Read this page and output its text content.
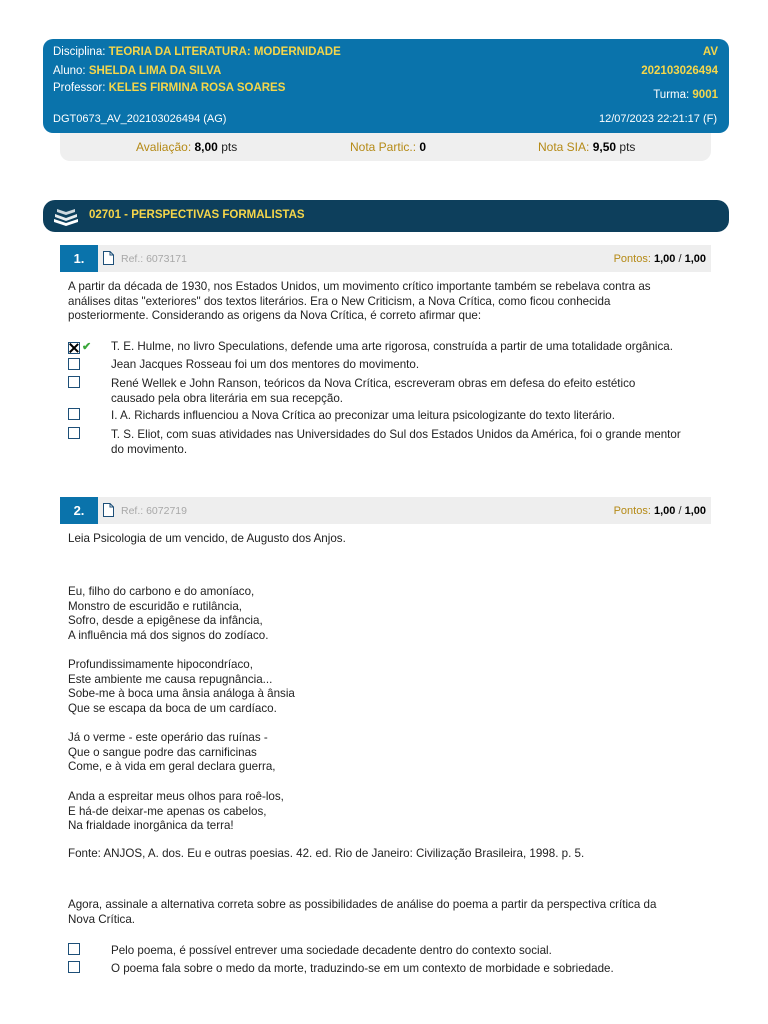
Disciplina: TEORIA DA LITERATURA: MODERNIDADE
Aluno: SHELDA LIMA DA SILVA
Professor: KELES FIRMINA ROSA SOARES
AV
202103026494
Turma: 9001
DGT0673_AV_202103026494 (AG)	12/07/2023 22:21:17 (F)
Avaliação: 8,00 pts	Nota Partic.: 0	Nota SIA: 9,50 pts
02701 - PERSPECTIVAS FORMALISTAS
1.	Ref.: 6073171	Pontos: 1,00 / 1,00
A partir da década de 1930, nos Estados Unidos, um movimento crítico importante também se rebelava contra as
análises ditas "exteriores" dos textos literários. Era o New Criticism, a Nova Crítica, como ficou conhecida
posteriormente. Considerando as origens da Nova Crítica, é correto afirmar que:
✔ T. E. Hulme, no livro Speculations, defende uma arte rigorosa, construída a partir de uma totalidade orgânica.
Jean Jacques Rosseau foi um dos mentores do movimento.
René Wellek e John Ranson, teóricos da Nova Crítica, escreveram obras em defesa do efeito estético
causado pela obra literária em sua recepção.
I. A. Richards influenciou a Nova Crítica ao preconizar uma leitura psicologizante do texto literário.
T. S. Eliot, com suas atividades nas Universidades do Sul dos Estados Unidos da América, foi o grande mentor
do movimento.
2.	Ref.: 6072719	Pontos: 1,00 / 1,00
Leia Psicologia de um vencido, de Augusto dos Anjos.
Eu, filho do carbono e do amoníaco,
Monstro de escuridão e rutilância,
Sofro, desde a epigênese da infância,
A influência má dos signos do zodíaco.
Profundissimamente hipocondríaco,
Este ambiente me causa repugnância...
Sobe-me à boca uma ânsia análoga à ânsia
Que se escapa da boca de um cardíaco.
Já o verme - este operário das ruínas -
Que o sangue podre das carnificinas
Come, e à vida em geral declara guerra,
Anda a espreitar meus olhos para roê-los,
E há-de deixar-me apenas os cabelos,
Na frialdade inorgânica da terra!
Fonte: ANJOS, A. dos. Eu e outras poesias. 42. ed. Rio de Janeiro: Civilização Brasileira, 1998. p. 5.
Agora, assinale a alternativa correta sobre as possibilidades de análise do poema a partir da perspectiva crítica da
Nova Crítica.
Pelo poema, é possível entrever uma sociedade decadente dentro do contexto social.
O poema fala sobre o medo da morte, traduzindo-se em um contexto de morbidade e sobriedade.
